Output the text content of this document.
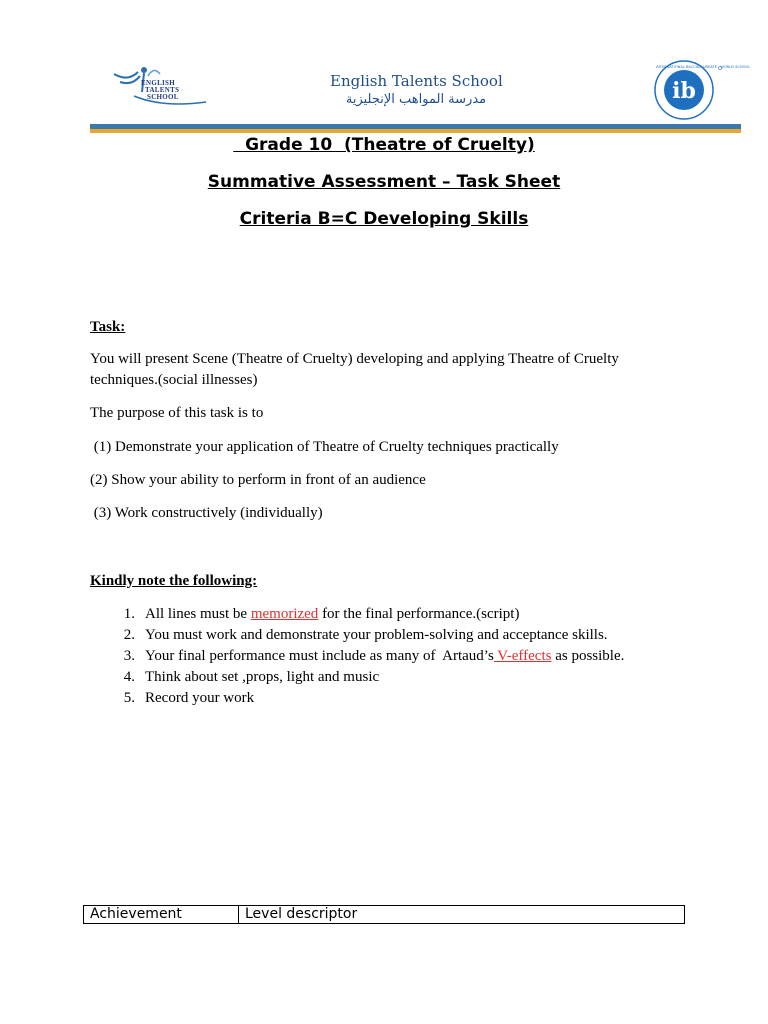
ENGLISH
TALENTS
SCHOOL
English Talents School
مدرسة المواهب الإنجليزية	ib
INTERNATIONAL BACCALAUREATE · WORLD SCHOOL
Grade 10  (Theatre of Cruelty)
Summative Assessment – Task Sheet
Criteria B=C Developing Skills
Task:
You will present Scene (Theatre of Cruelty) developing and applying Theatre of Cruelty techniques.(social illnesses)
The purpose of this task is to
(1) Demonstrate your application of Theatre of Cruelty techniques practically
(2) Show your ability to perform in front of an audience
(3) Work constructively (individually)
Kindly note the following:
1. All lines must be memorized for the final performance.(script)
2. You must work and demonstrate your problem-solving and acceptance skills.
3. Your final performance must include as many of  Artaud’s V-effects as possible.
4. Think about set ,props, light and music
5. Record your work
Achievement	Level descriptor
